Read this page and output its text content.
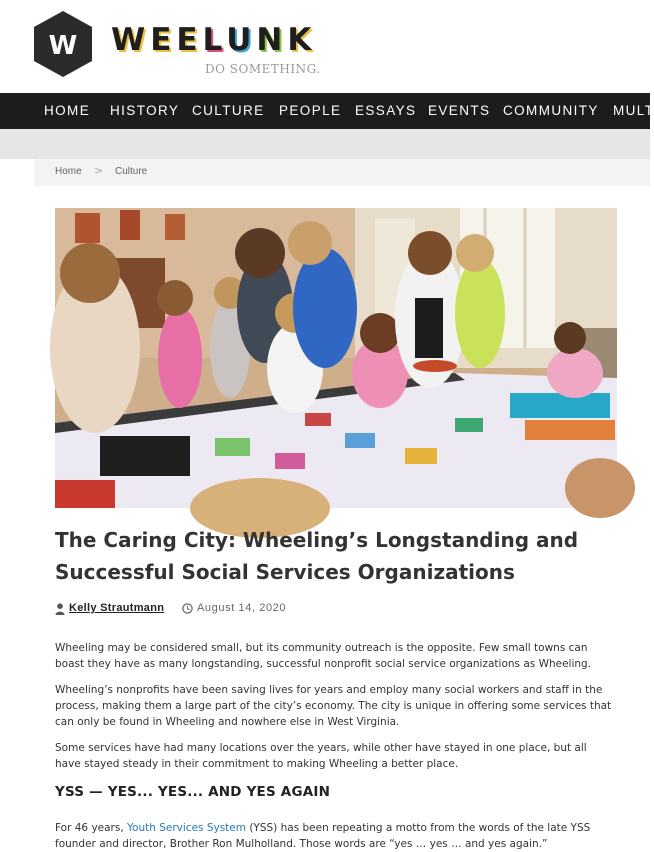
W WEELUNK
DO SOMETHING.
HOME HISTORY CULTURE PEOPLE ESSAYS EVENTS COMMUNITY MULT
Home > Culture
The Caring City: Wheeling’s Longstanding and Successful Social Services Organizations
Kelly Strautmann	August 14, 2020

Wheeling may be considered small, but its community outreach is the opposite. Few small towns can boast they have as many longstanding, successful nonprofit social service organizations as Wheeling.

Wheeling’s nonprofits have been saving lives for years and employ many social workers and staff in the process, making them a large part of the city’s economy. The city is unique in offering some services that can only be found in Wheeling and nowhere else in West Virginia.

Some services have had many locations over the years, while other have stayed in one place, but all have stayed steady in their commitment to making Wheeling a better place.

YSS — YES... YES... AND YES AGAIN

For 46 years, Youth Services System (YSS) has been repeating a motto from the words of the late YSS founder and director, Brother Ron Mulholland. Those words are “yes … yes … and yes again.”
